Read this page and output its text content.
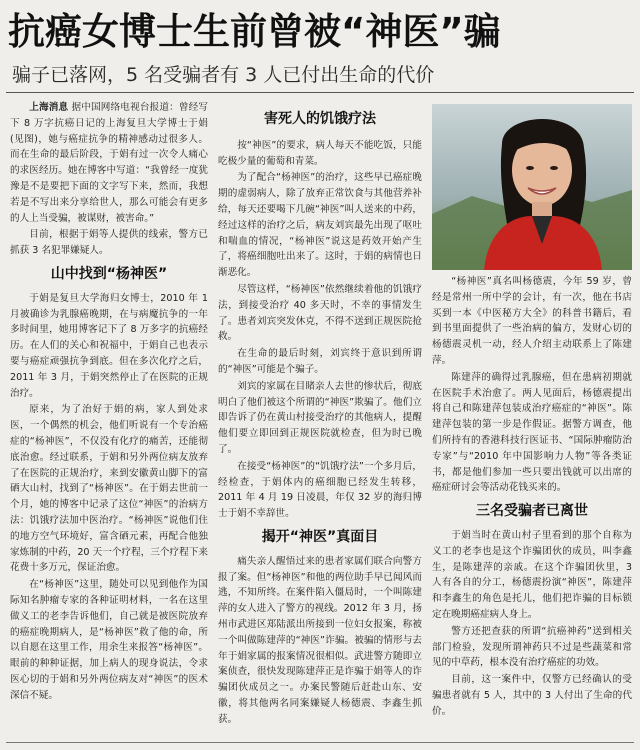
抗癌女博士生前曾被“神医”骗
骗子已落网，5 名受骗者有 3 人已付出生命的代价

上海消息 据中国网络电视台报道：曾经写下 8 万字抗癌日记的上海复旦大学博士于娟(见图)，她与癌症抗争的精神感动过很多人。而在生命的最后阶段，于娟有过一次令人痛心的求医经历。她在博客中写道：“我曾经一度犹豫是不是要把下面的文字写下来，然而，我想若是不写出来分享给世人，那么可能会有更多的人上当受骗，被谋财，被害命。”

目前，根据于娟等人提供的线索，警方已抓获 3 名犯罪嫌疑人。

山中找到“杨神医”

于娟是复旦大学海归女博士，2010 年 1 月被确诊为乳腺癌晚期，在与病魔抗争的一年多时间里，她用博客记下了 8 万多字的抗癌经历。在人们的关心和祝福中，于娟自己也表示要与癌症顽强抗争到底。但在多次化疗之后，2011 年 3 月，于娟突然停止了在医院的正规治疗。

原来，为了治好于娟的病，家人到处求医，一个偶然的机会，他们听说有一个专治癌症的“杨神医”，不仅没有化疗的痛苦，还能彻底治愈。经过联系，于娟和另外两位病友放弃了在医院的正规治疗，来到安徽黄山脚下的富硒大山村，找到了“杨神医”。在于娟去世前一个月，她的博客中记录了这位“神医”的治病方法：饥饿疗法加中医治疗。“杨神医”说他们住的地方空气环境好，富含硒元素，再配合他独家炼制的中药，20 天一个疗程，三个疗程下来花费十多万元，保证治愈。

在“杨神医”这里，随处可以见到他作为国际知名肿瘤专家的各种证明材料，一名在这里做义工的老李告诉他们，自己就是被医院放弃的癌症晚期病人，是“杨神医”救了他的命，所以自愿在这里工作，用余生来报答“杨神医”。眼前的种种证据，加上病人的现身说法，令求医心切的于娟和另外两位病友对“神医”的医术深信不疑。

害死人的饥饿疗法

按“神医”的要求，病人每天不能吃饭，只能吃极少量的葡萄和青菜。

为了配合“杨神医”的治疗，这些早已癌症晚期的虚弱病人，除了放弃正常饮食与其他营养补给，每天还要喝下几碗“神医”叫人送来的中药，经过这样的治疗之后，病友刘宾最先出现了呕吐和喘血的情况，“杨神医”说这是药效开始产生了，将癌细胞吐出来了。这时，于娟的病情也日渐恶化。

尽管这样，“杨神医”依然继续着他的饥饿疗法，到接受治疗 40 多天时，不幸的事情发生了。患者刘宾突发休克，不得不送到正规医院抢救。

在生命的最后时刻，刘宾终于意识到所谓的“神医”可能是个骗子。

刘宾的家属在目睹亲人去世的惨状后，彻底明白了他们被这个所谓的“神医”欺骗了。他们立即告诉了仍在黄山村接受治疗的其他病人，提醒他们要立即回到正规医院就检查，但为时已晚了。

在接受“杨神医”的“饥饿疗法”一个多月后，经检查，于娟体内的癌细胞已经发生转移，2011 年 4 月 19 日凌晨，年仅 32 岁的海归博士于娟不幸辞世。

揭开“神医”真面目

痛失亲人醒悟过来的患者家属们联合向警方报了案。但“杨神医”和他的两位助手早已闻风而逃，不知所终。在案件陷入僵局时，一个叫陈建萍的女人进入了警方的视线。2012 年 3 月，扬州市武进区郑陆派出所接到一位妇女报案，称被一个叫做陈建萍的“神医”诈骗。被骗的情形与去年于娟家属的报案情况很相似。武进警方随即立案侦查，很快发现陈建萍正是诈骗于娟等人的诈骗团伙成员之一。办案民警随后赶赴山东、安徽，将其他两名同案嫌疑人杨德震、李鑫生抓获。

“杨神医”真名叫杨德震，今年 59 岁，曾经是常州一所中学的会计，有一次，他在书店买到一本《中医秘方大全》的科普书籍后，看到书里面提供了一些治病的偏方，发财心切的杨德震灵机一动，经人介绍主动联系上了陈建萍。

陈建萍的确得过乳腺癌，但在患病初期就在医院手术治愈了。两人见面后，杨德震提出将自己和陈建萍包装成治疗癌症的“神医”。陈建萍包装的第一步是作假证。据警方调查，他们所持有的香港科技行医证书、“国际肿瘤防治专家”与“2010 年中国影响力人物”等各类证书，都是他们参加一些只要出钱就可以出席的癌症研讨会等活动花钱买来的。

三名受骗者已离世

于娟当时在黄山村子里看到的那个自称为义工的老李也是这个诈骗团伙的成员，叫李鑫生，是陈建萍的亲戚。在这个诈骗团伙里，3 人有各自的分工，杨德震扮演“神医”，陈建萍和李鑫生的角色是托儿，他们把诈骗的目标锁定在晚期癌症病人身上。

警方还把查获的所谓“抗癌神药”送到相关部门检验，发现所谓神药只不过是些蔬菜和常见的中草药，根本没有治疗癌症的功效。

目前，这一案件中，仅警方已经确认的受骗患者就有 5 人，其中的 3 人付出了生命的代价。
